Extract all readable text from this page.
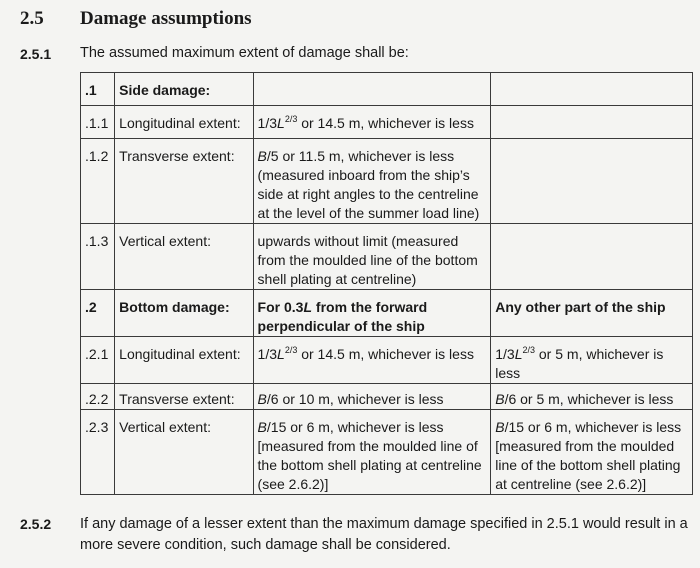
2.5 Damage assumptions
2.5.1 The assumed maximum extent of damage shall be:
.1	Side damage:		
.1.1	Longitudinal extent:	$1/3L^{2/3}$ or 14.5 m, whichever is less	
.1.2	Transverse extent:	B/5 or 11.5 m, whichever is less (measured inboard from the ship’s side at right angles to the centreline at the level of the summer load line)	
.1.3	Vertical extent:	upwards without limit (measured from the moulded line of the bottom shell plating at centreline)	
.2	Bottom damage:	For 0.3L from the forward perpendicular of the ship	Any other part of the ship
.2.1	Longitudinal extent:	$1/3L^{2/3}$ or 14.5 m, whichever is less	$1/3L^{2/3}$ or 5 m, whichever is less
.2.2	Transverse extent:	B/6 or 10 m, whichever is less	B/6 or 5 m, whichever is less
.2.3	Vertical extent:	B/15 or 6 m, whichever is less [measured from the moulded line of the bottom shell plating at centreline (see 2.6.2)]	B/15 or 6 m, whichever is less [measured from the moulded line of the bottom shell plating at centreline (see 2.6.2)]
2.5.2 If any damage of a lesser extent than the maximum damage specified in 2.5.1 would result in a more severe condition, such damage shall be considered.
